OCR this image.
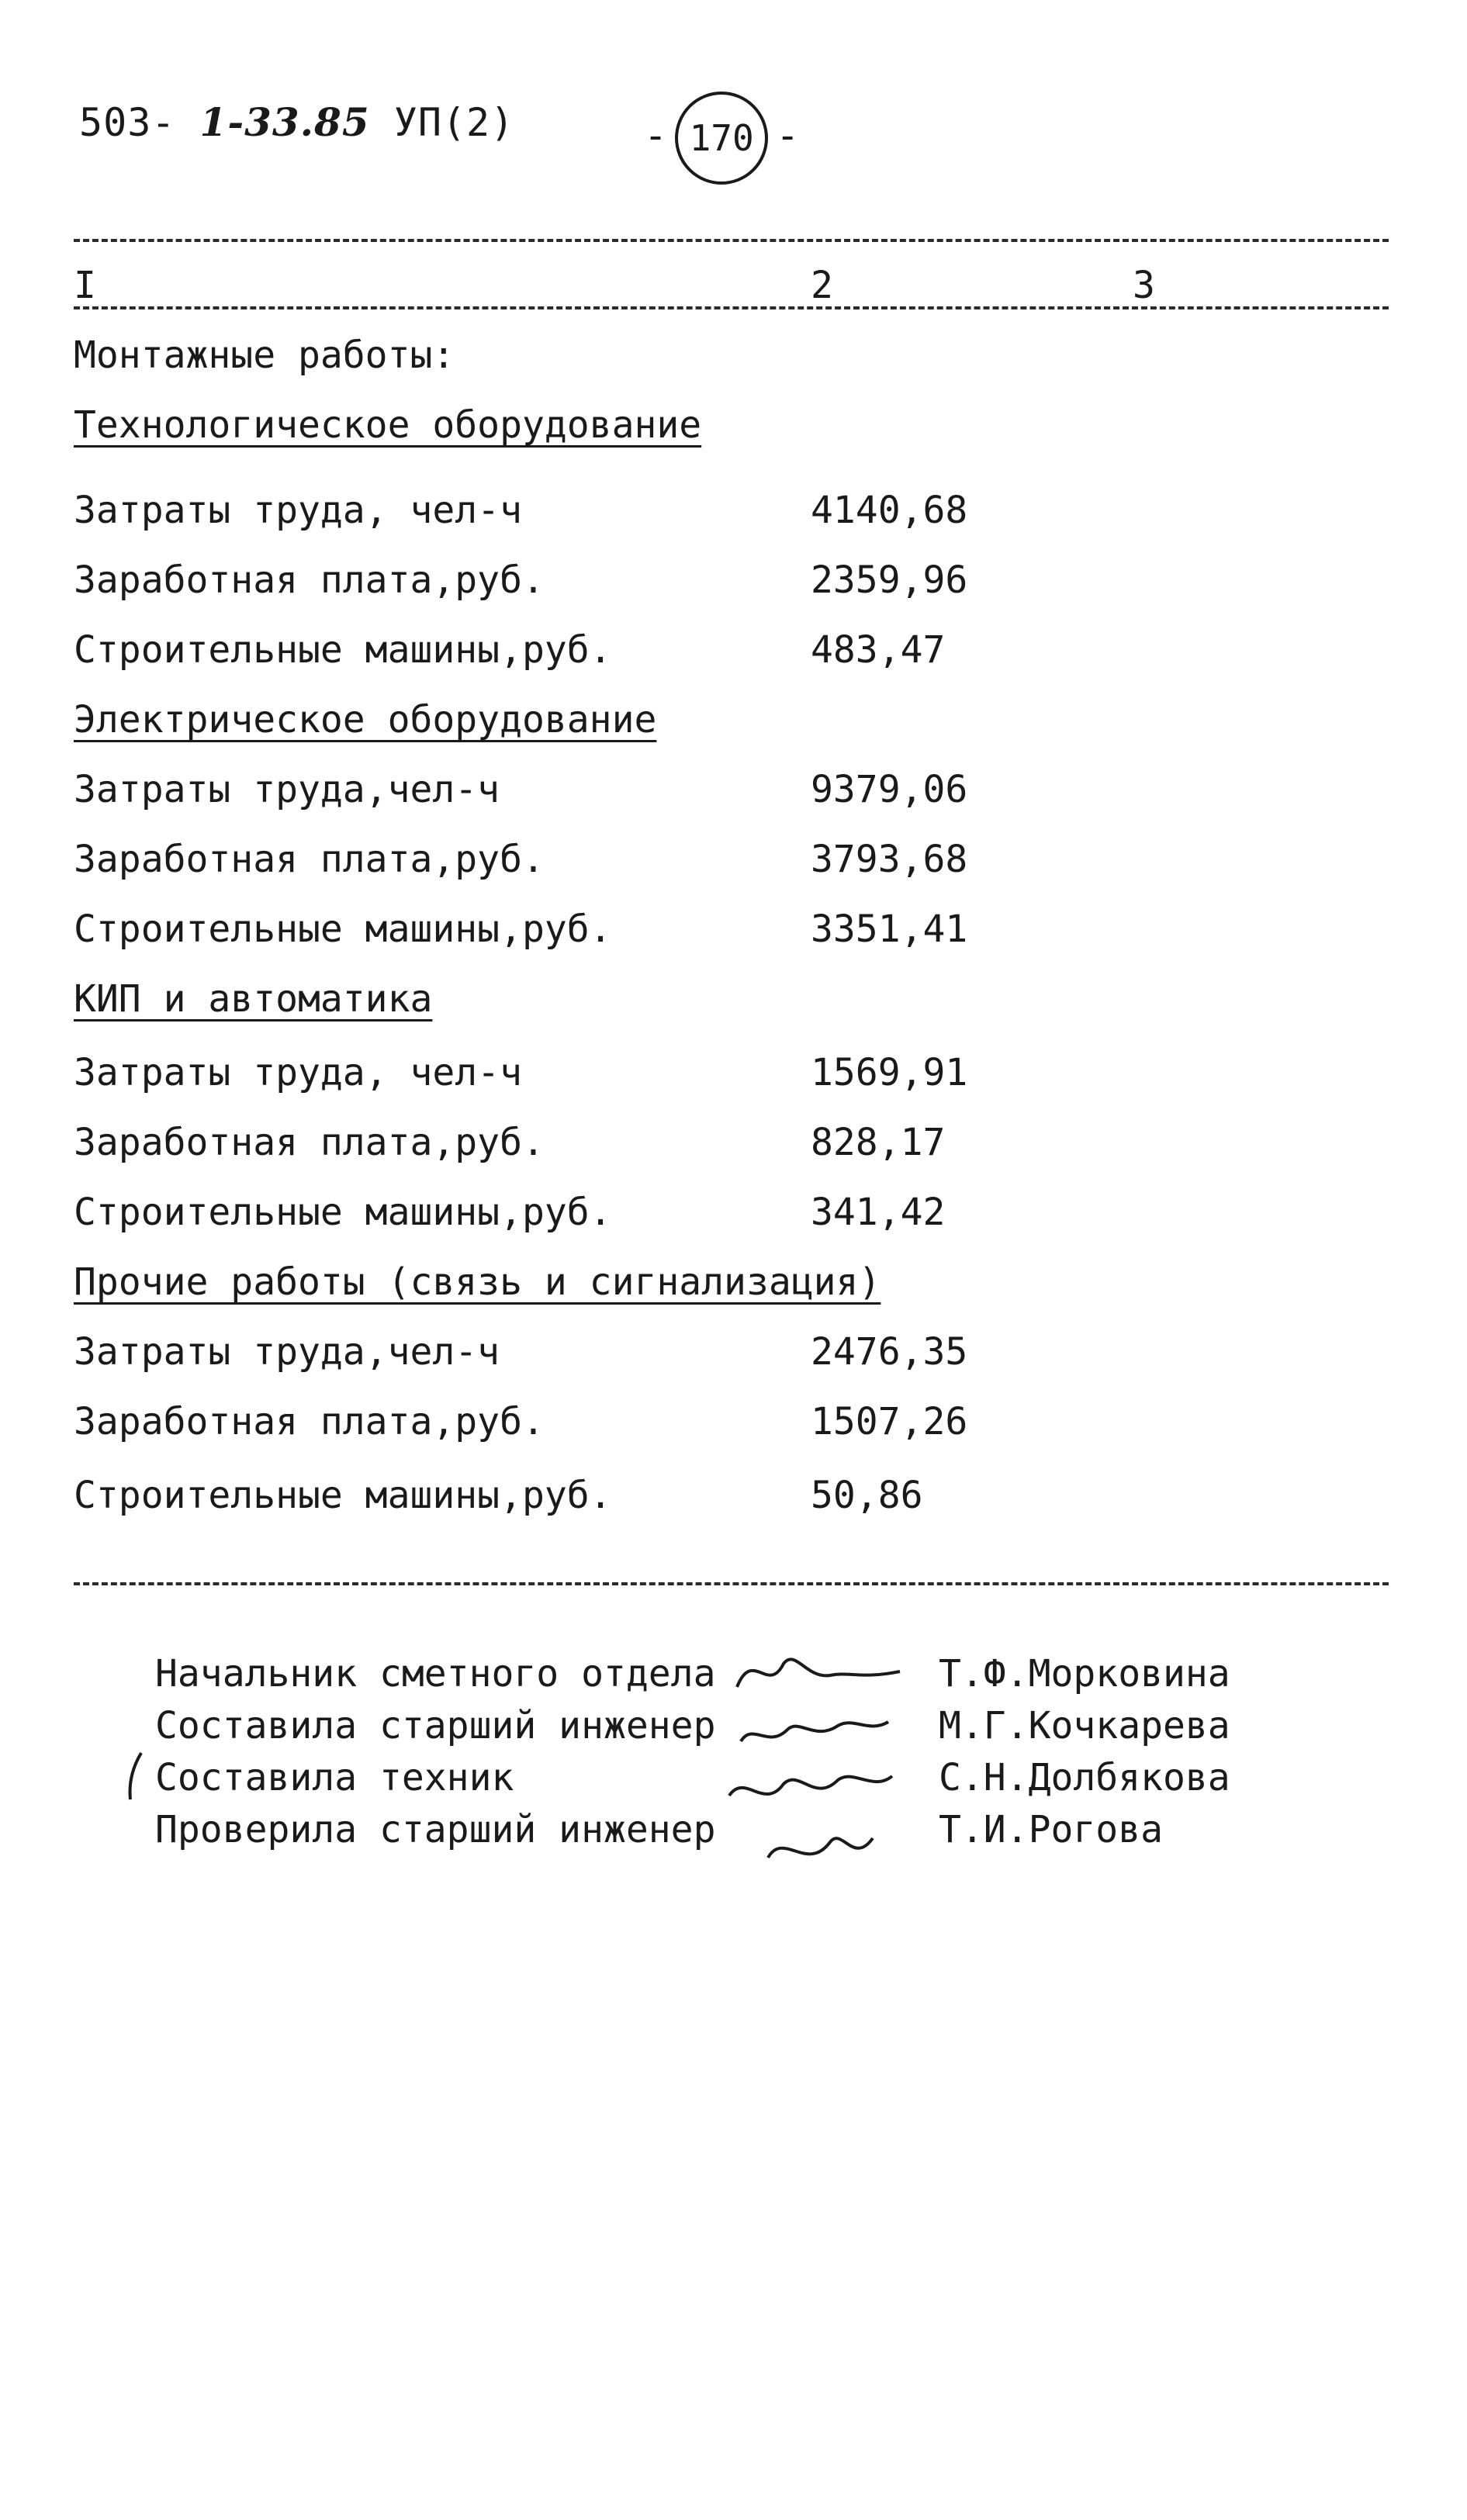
503- 1-33.85 УП(2)	- 170 -
I	2	3
Монтажные работы:
Технологическое оборудование
Затраты труда, чел-ч	4140,68
Заработная плата,руб.	2359,96
Строительные машины,руб.	483,47
Электрическое оборудование
Затраты труда,чел-ч	9379,06
Заработная плата,руб.	3793,68
Строительные машины,руб.	3351,41
КИП и автоматика
Затраты труда, чел-ч	1569,91
Заработная плата,руб.	828,17
Строительные машины,руб.	341,42
Прочие работы (связь и сигнализация)
Затраты труда,чел-ч	2476,35
Заработная плата,руб.	1507,26
Строительные машины,руб.	50,86
Начальник сметного отдела	Т.Ф.Морковина
Составила старший инженер	М.Г.Кочкарева
Составила техник	С.Н.Долбякова
Проверила старший инженер	Т.И.Рогова
